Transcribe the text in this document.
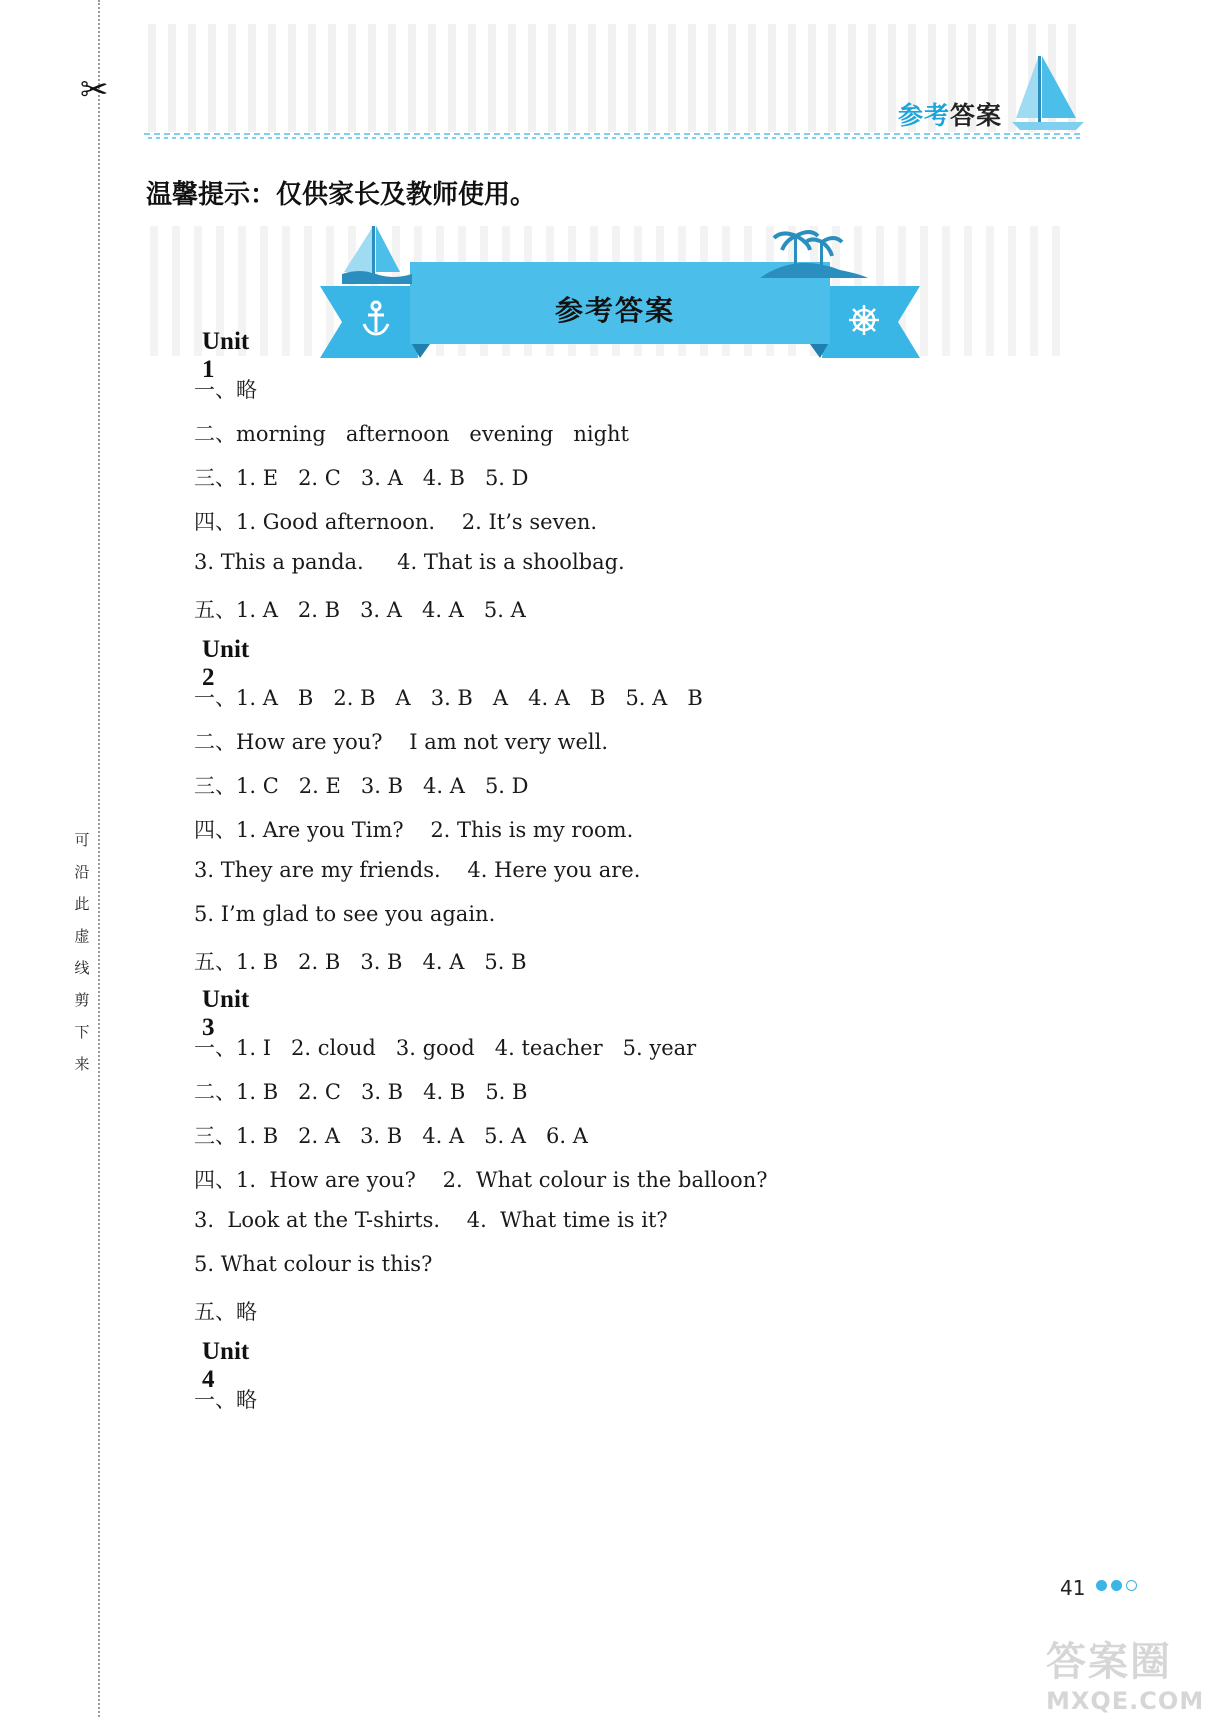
✂
可
沿
此
虚
线
剪
下
来
参考答案
温馨提示：仅供家长及教师使用。
参考答案
Unit 1
一、略
二、morning   afternoon   evening   night
三、1. E   2. C   3. A   4. B   5. D
四、1. Good afternoon.    2. It’s seven.
3. This a panda.     4. That is a shoolbag.
五、1. A   2. B   3. A   4. A   5. A
Unit 2
一、1. A   B   2. B   A   3. B   A   4. A   B   5. A   B
二、How are you?    I am not very well.
三、1. C   2. E   3. B   4. A   5. D
四、1. Are you Tim?    2. This is my room.
3. They are my friends.    4. Here you are.
5. I’m glad to see you again.
五、1. B   2. B   3. B   4. A   5. B
Unit 3
一、1. I   2. cloud   3. good   4. teacher   5. year
二、1. B   2. C   3. B   4. B   5. B
三、1. B   2. A   3. B   4. A   5. A   6. A
四、1.  How are you?    2.  What colour is the balloon?
3.  Look at the T-shirts.    4.  What time is it?
5. What colour is this?
五、略
Unit 4
一、略
41
答案圈
MXQE.COM
